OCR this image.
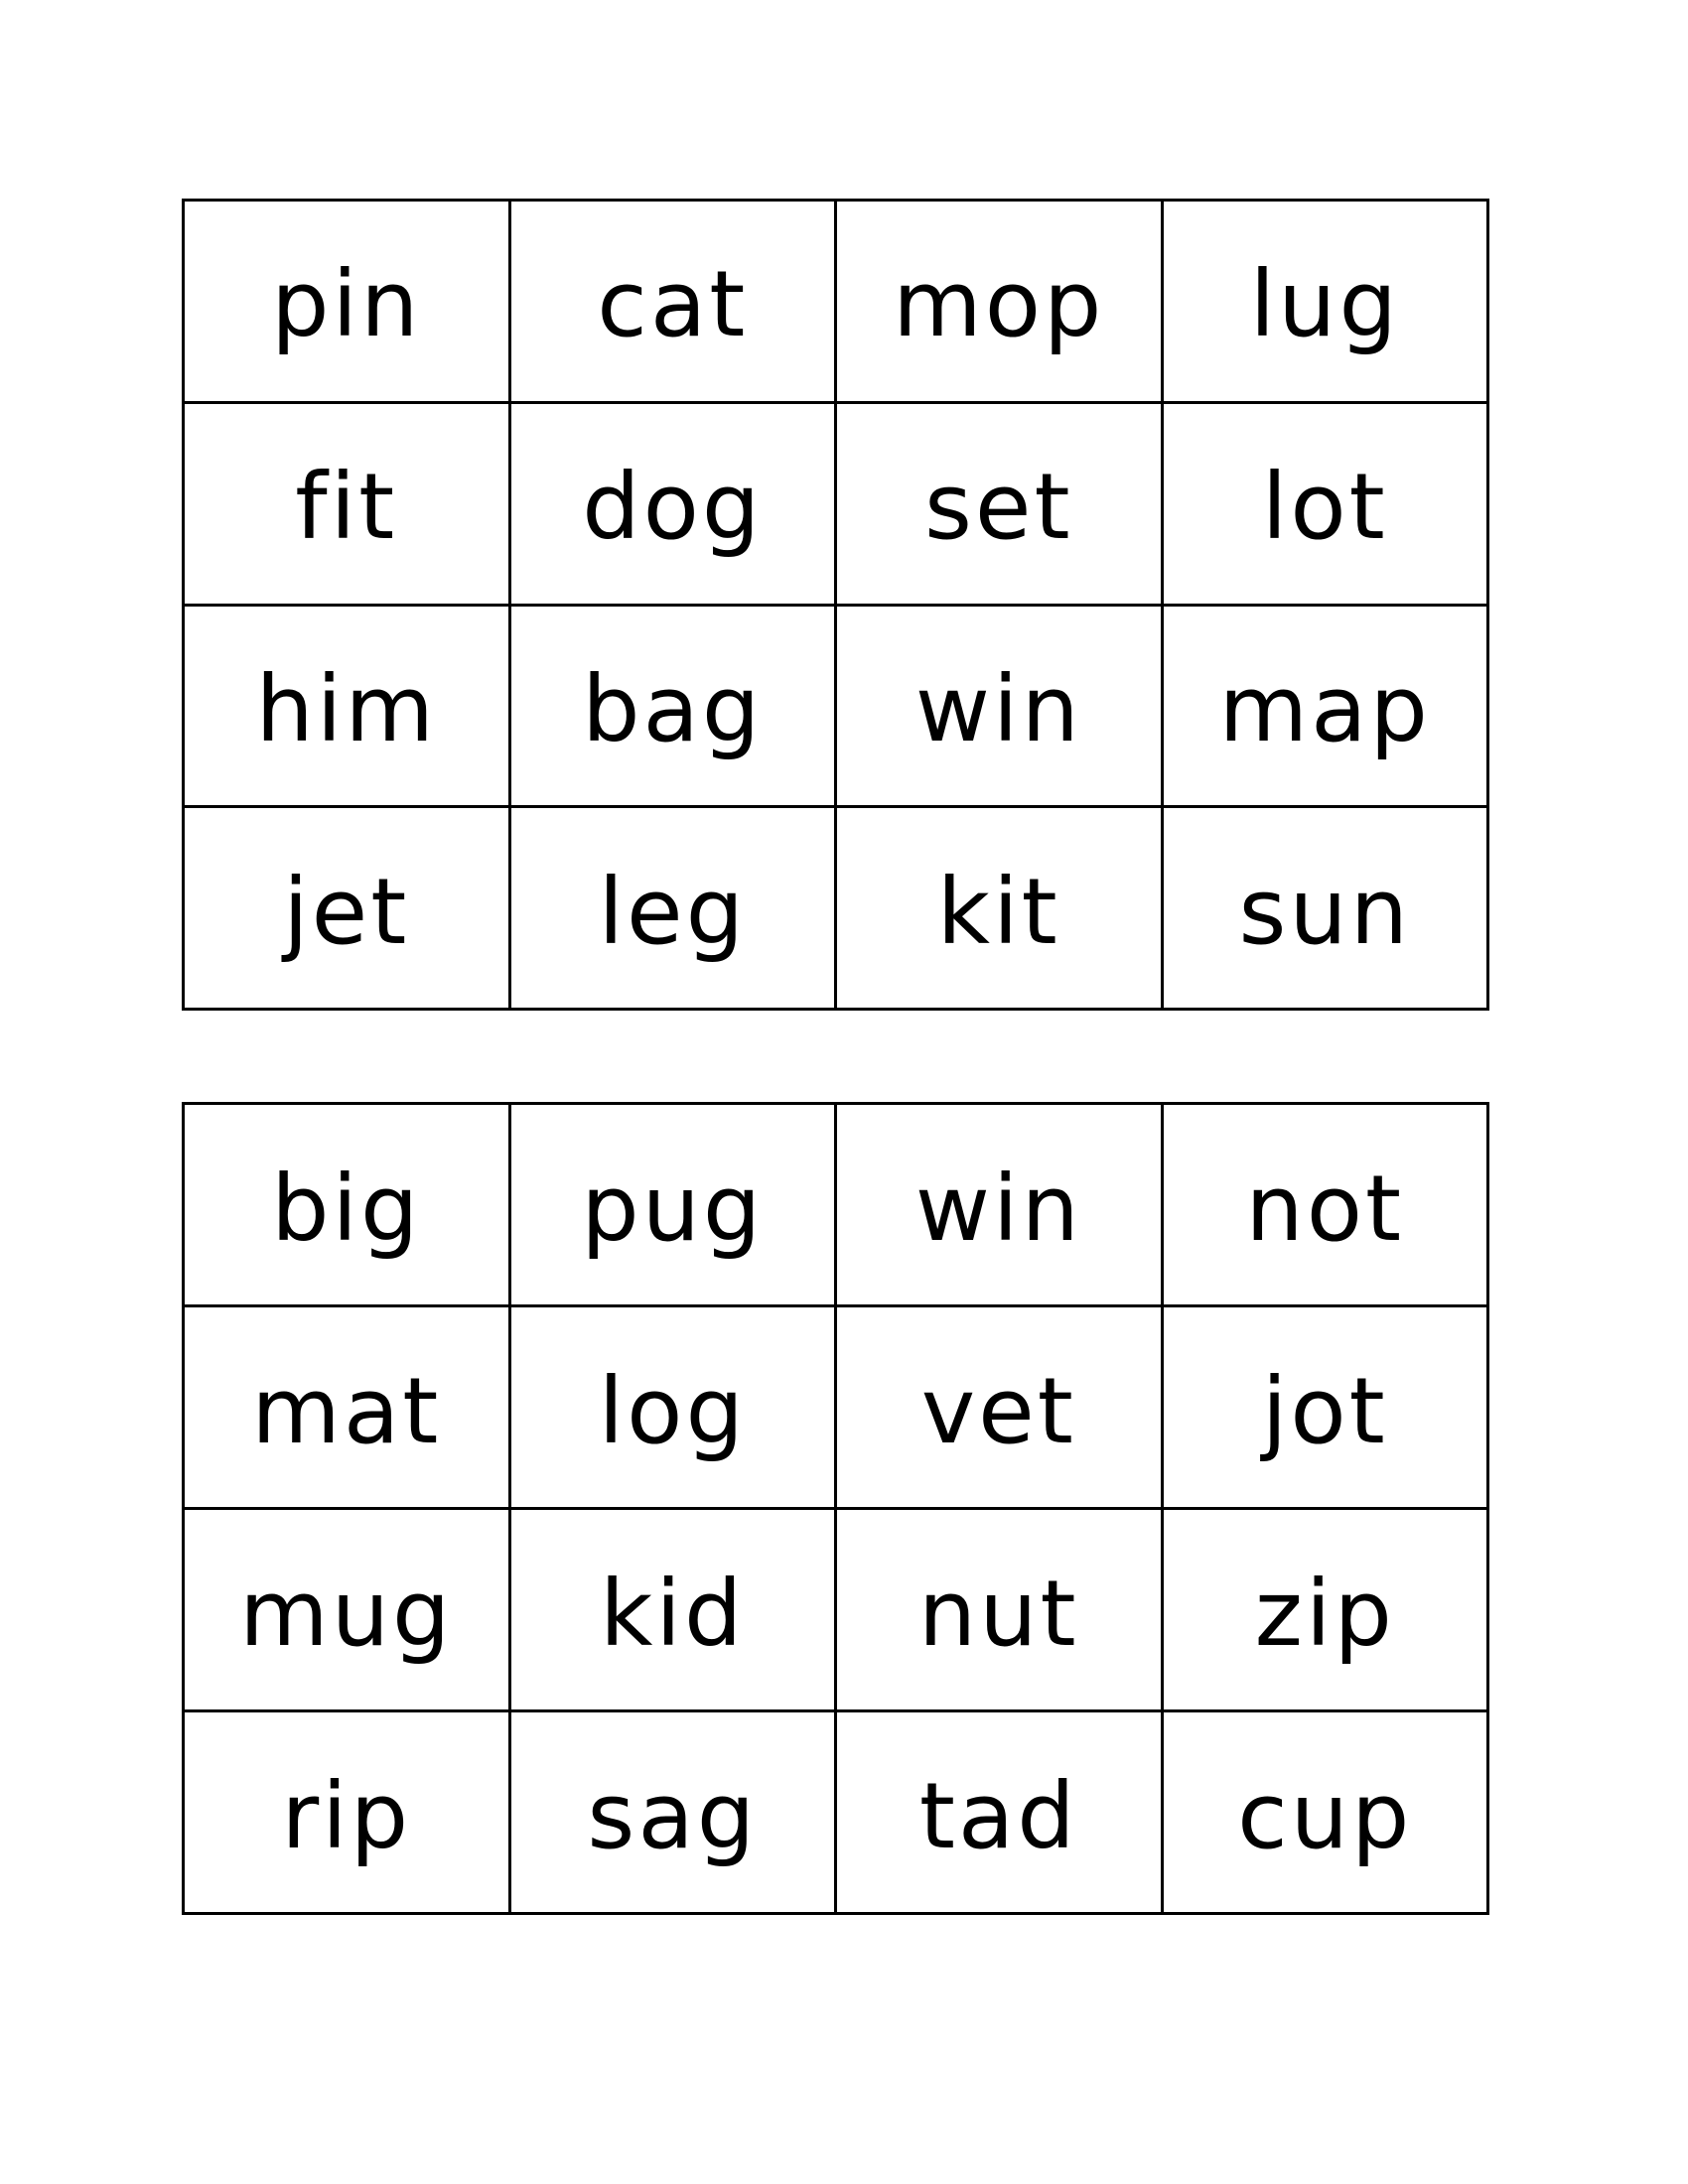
pin	cat	mop	lug
fit	dog	set	lot
him	bag	win	map
jet	leg	kit	sun
big	pug	win	not
mat	log	vet	jot
mug	kid	nut	zip
rip	sag	tad	cup
